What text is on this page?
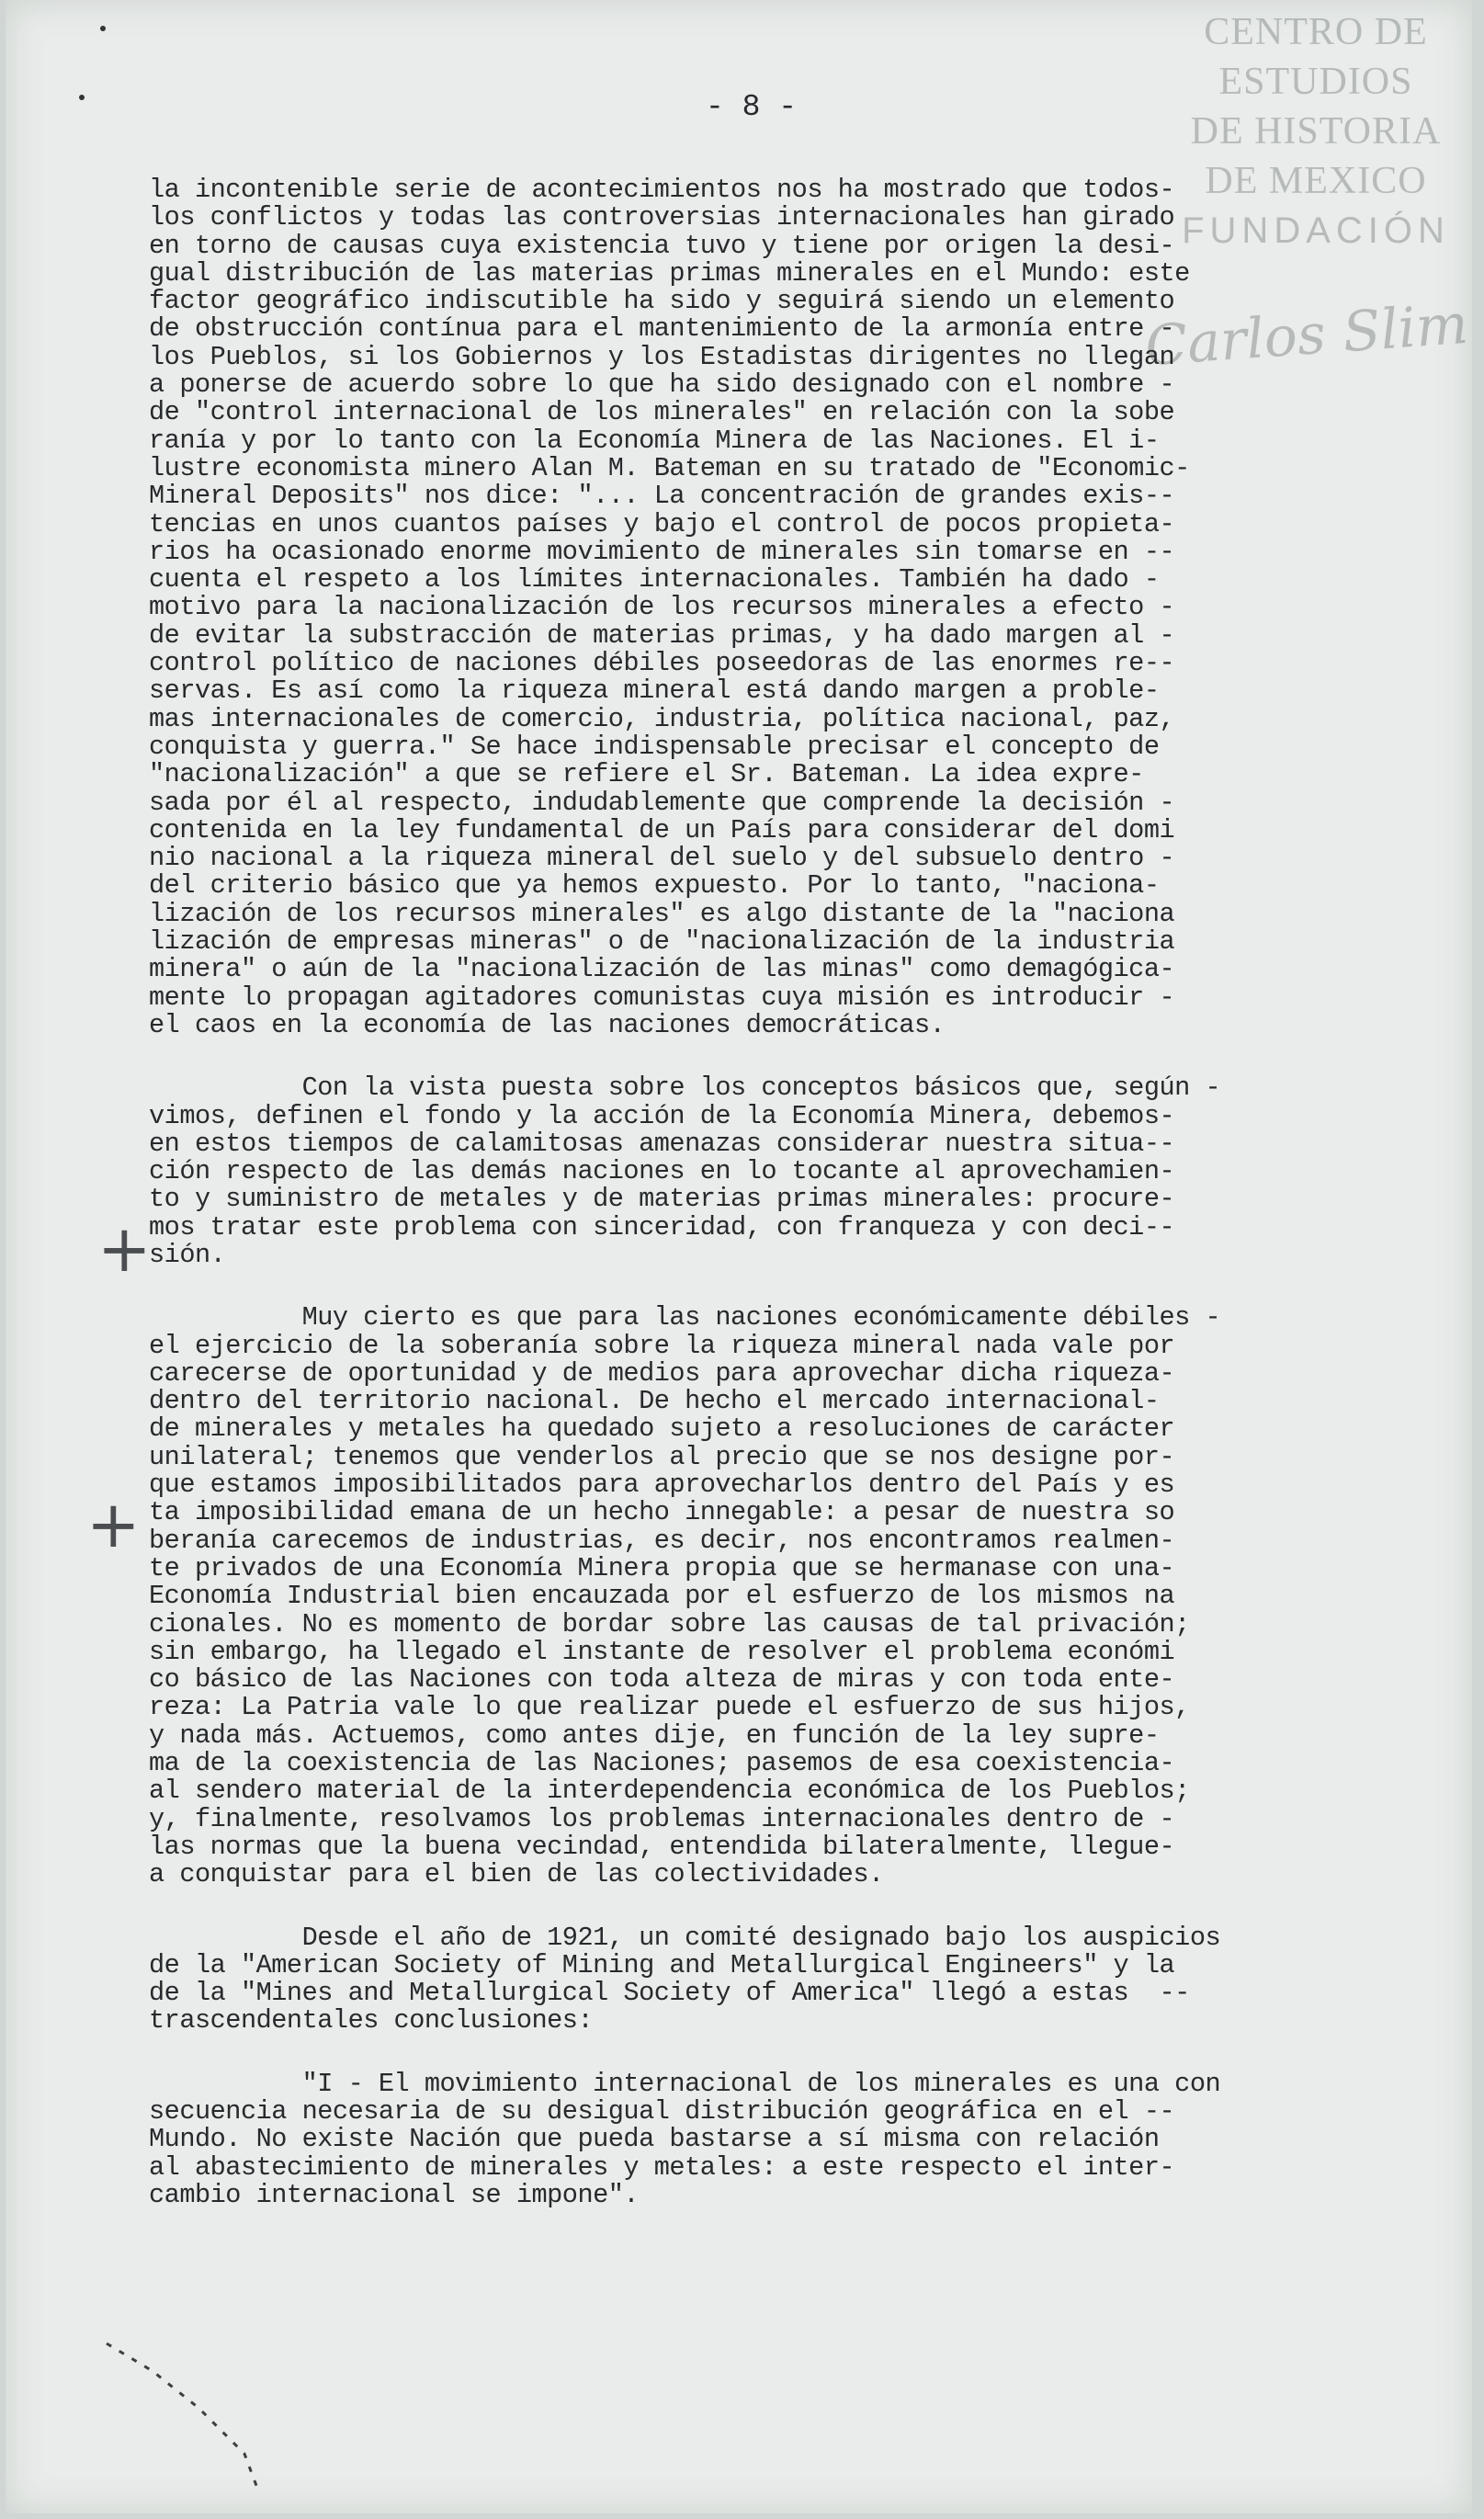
CENTRO DE
ESTUDIOS
DE HISTORIA
DE MEXICO
FUNDACIÓN
Carlos Slim
- 8 -
+
+
la incontenible serie de acontecimientos nos ha mostrado que todos-
los conflictos y todas las controversias internacionales han girado
en torno de causas cuya existencia tuvo y tiene por origen la desi-
gual distribución de las materias primas minerales en el Mundo: este
factor geográfico indiscutible ha sido y seguirá siendo un elemento
de obstrucción contínua para el mantenimiento de la armonía entre -
los Pueblos, si los Gobiernos y los Estadistas dirigentes no llegan
a ponerse de acuerdo sobre lo que ha sido designado con el nombre -
de "control internacional de los minerales" en relación con la sobe
ranía y por lo tanto con la Economía Minera de las Naciones. El i-
lustre economista minero Alan M. Bateman en su tratado de "Economic-
Mineral Deposits" nos dice: "... La concentración de grandes exis--
tencias en unos cuantos países y bajo el control de pocos propieta-
rios ha ocasionado enorme movimiento de minerales sin tomarse en --
cuenta el respeto a los límites internacionales. También ha dado -
motivo para la nacionalización de los recursos minerales a efecto -
de evitar la substracción de materias primas, y ha dado margen al -
control político de naciones débiles poseedoras de las enormes re--
servas. Es así como la riqueza mineral está dando margen a proble-
mas internacionales de comercio, industria, política nacional, paz,
conquista y guerra." Se hace indispensable precisar el concepto de
"nacionalización" a que se refiere el Sr. Bateman. La idea expre-
sada por él al respecto, indudablemente que comprende la decisión -
contenida en la ley fundamental de un País para considerar del domi
nio nacional a la riqueza mineral del suelo y del subsuelo dentro -
del criterio básico que ya hemos expuesto. Por lo tanto, "naciona-
lización de los recursos minerales" es algo distante de la "naciona
lización de empresas mineras" o de "nacionalización de la industria
minera" o aún de la "nacionalización de las minas" como demagógica-
mente lo propagan agitadores comunistas cuya misión es introducir -
el caos en la economía de las naciones democráticas.
Con la vista puesta sobre los conceptos básicos que, según -
vimos, definen el fondo y la acción de la Economía Minera, debemos-
en estos tiempos de calamitosas amenazas considerar nuestra situa--
ción respecto de las demás naciones en lo tocante al aprovechamien-
to y suministro de metales y de materias primas minerales: procure-
mos tratar este problema con sinceridad, con franqueza y con deci--
sión.
Muy cierto es que para las naciones económicamente débiles -
el ejercicio de la soberanía sobre la riqueza mineral nada vale por
carecerse de oportunidad y de medios para aprovechar dicha riqueza-
dentro del territorio nacional. De hecho el mercado internacional-
de minerales y metales ha quedado sujeto a resoluciones de carácter
unilateral; tenemos que venderlos al precio que se nos designe por-
que estamos imposibilitados para aprovecharlos dentro del País y es
ta imposibilidad emana de un hecho innegable: a pesar de nuestra so
beranía carecemos de industrias, es decir, nos encontramos realmen-
te privados de una Economía Minera propia que se hermanase con una-
Economía Industrial bien encauzada por el esfuerzo de los mismos na
cionales. No es momento de bordar sobre las causas de tal privación;
sin embargo, ha llegado el instante de resolver el problema económi
co básico de las Naciones con toda alteza de miras y con toda ente-
reza: La Patria vale lo que realizar puede el esfuerzo de sus hijos,
y nada más. Actuemos, como antes dije, en función de la ley supre-
ma de la coexistencia de las Naciones; pasemos de esa coexistencia-
al sendero material de la interdependencia económica de los Pueblos;
y, finalmente, resolvamos los problemas internacionales dentro de -
las normas que la buena vecindad, entendida bilateralmente, llegue-
a conquistar para el bien de las colectividades.
Desde el año de 1921, un comité designado bajo los auspicios
de la "American Society of Mining and Metallurgical Engineers" y la
de la "Mines and Metallurgical Society of America" llegó a estas  --
trascendentales conclusiones:
"I - El movimiento internacional de los minerales es una con
secuencia necesaria de su desigual distribución geográfica en el --
Mundo. No existe Nación que pueda bastarse a sí misma con relación
al abastecimiento de minerales y metales: a este respecto el inter-
cambio internacional se impone".
